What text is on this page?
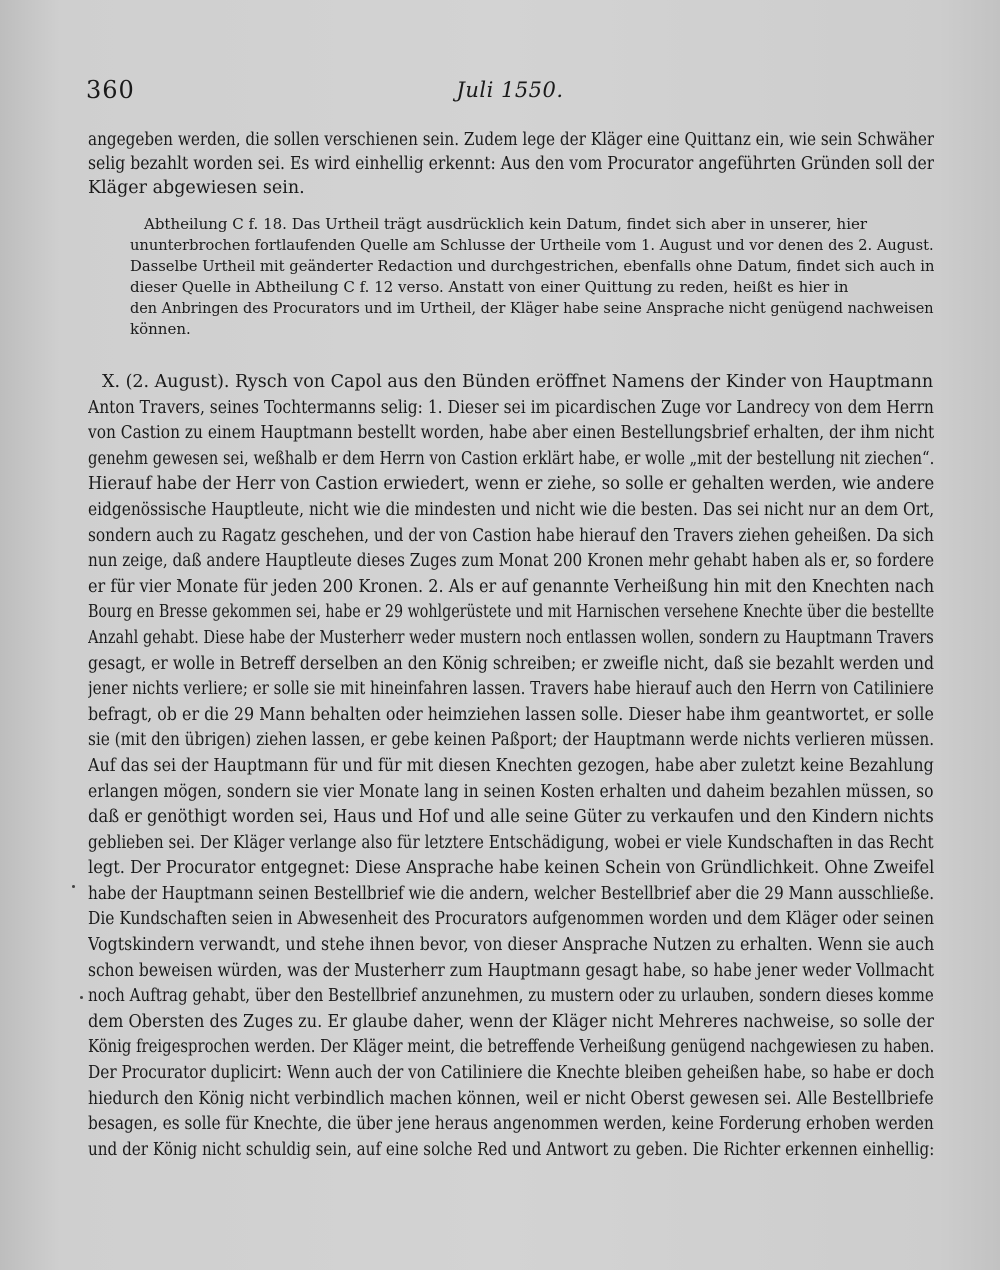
360	Juli 1550.
angegeben werden, die sollen verschienen sein. Zudem lege der Kläger eine Quittanz ein, wie sein Schwäher
selig bezahlt worden sei. Es wird einhellig erkennt: Aus den vom Procurator angeführten Gründen soll der
Kläger abgewiesen sein.
Abtheilung C f. 18. Das Urtheil trägt ausdrücklich kein Datum, findet sich aber in unserer, hier
ununterbrochen fortlaufenden Quelle am Schlusse der Urtheile vom 1. August und vor denen des 2. August.
Dasselbe Urtheil mit geänderter Redaction und durchgestrichen, ebenfalls ohne Datum, findet sich auch in
dieser Quelle in Abtheilung C f. 12 verso. Anstatt von einer Quittung zu reden, heißt es hier in
den Anbringen des Procurators und im Urtheil, der Kläger habe seine Ansprache nicht genügend nachweisen
können.
X. (2. August). Rysch von Capol aus den Bünden eröffnet Namens der Kinder von Hauptmann
Anton Travers, seines Tochtermanns selig: 1. Dieser sei im picardischen Zuge vor Landrecy von dem Herrn
von Castion zu einem Hauptmann bestellt worden, habe aber einen Bestellungsbrief erhalten, der ihm nicht
genehm gewesen sei, weßhalb er dem Herrn von Castion erklärt habe, er wolle „mit der bestellung nit ziechen“.
Hierauf habe der Herr von Castion erwiedert, wenn er ziehe, so solle er gehalten werden, wie andere
eidgenössische Hauptleute, nicht wie die mindesten und nicht wie die besten. Das sei nicht nur an dem Ort,
sondern auch zu Ragatz geschehen, und der von Castion habe hierauf den Travers ziehen geheißen. Da sich
nun zeige, daß andere Hauptleute dieses Zuges zum Monat 200 Kronen mehr gehabt haben als er, so fordere
er für vier Monate für jeden 200 Kronen. 2. Als er auf genannte Verheißung hin mit den Knechten nach
Bourg en Bresse gekommen sei, habe er 29 wohlgerüstete und mit Harnischen versehene Knechte über die bestellte
Anzahl gehabt. Diese habe der Musterherr weder mustern noch entlassen wollen, sondern zu Hauptmann Travers
gesagt, er wolle in Betreff derselben an den König schreiben; er zweifle nicht, daß sie bezahlt werden und
jener nichts verliere; er solle sie mit hineinfahren lassen. Travers habe hierauf auch den Herrn von Catiliniere
befragt, ob er die 29 Mann behalten oder heimziehen lassen solle. Dieser habe ihm geantwortet, er solle
sie (mit den übrigen) ziehen lassen, er gebe keinen Paßport; der Hauptmann werde nichts verlieren müssen.
Auf das sei der Hauptmann für und für mit diesen Knechten gezogen, habe aber zuletzt keine Bezahlung
erlangen mögen, sondern sie vier Monate lang in seinen Kosten erhalten und daheim bezahlen müssen, so
daß er genöthigt worden sei, Haus und Hof und alle seine Güter zu verkaufen und den Kindern nichts
geblieben sei. Der Kläger verlange also für letztere Entschädigung, wobei er viele Kundschaften in das Recht
legt. Der Procurator entgegnet: Diese Ansprache habe keinen Schein von Gründlichkeit. Ohne Zweifel
habe der Hauptmann seinen Bestellbrief wie die andern, welcher Bestellbrief aber die 29 Mann ausschließe.
Die Kundschaften seien in Abwesenheit des Procurators aufgenommen worden und dem Kläger oder seinen
Vogtskindern verwandt, und stehe ihnen bevor, von dieser Ansprache Nutzen zu erhalten. Wenn sie auch
schon beweisen würden, was der Musterherr zum Hauptmann gesagt habe, so habe jener weder Vollmacht
noch Auftrag gehabt, über den Bestellbrief anzunehmen, zu mustern oder zu urlauben, sondern dieses komme
dem Obersten des Zuges zu. Er glaube daher, wenn der Kläger nicht Mehreres nachweise, so solle der
König freigesprochen werden. Der Kläger meint, die betreffende Verheißung genügend nachgewiesen zu haben.
Der Procurator duplicirt: Wenn auch der von Catiliniere die Knechte bleiben geheißen habe, so habe er doch
hiedurch den König nicht verbindlich machen können, weil er nicht Oberst gewesen sei. Alle Bestellbriefe
besagen, es solle für Knechte, die über jene heraus angenommen werden, keine Forderung erhoben werden
und der König nicht schuldig sein, auf eine solche Red und Antwort zu geben. Die Richter erkennen einhellig:
